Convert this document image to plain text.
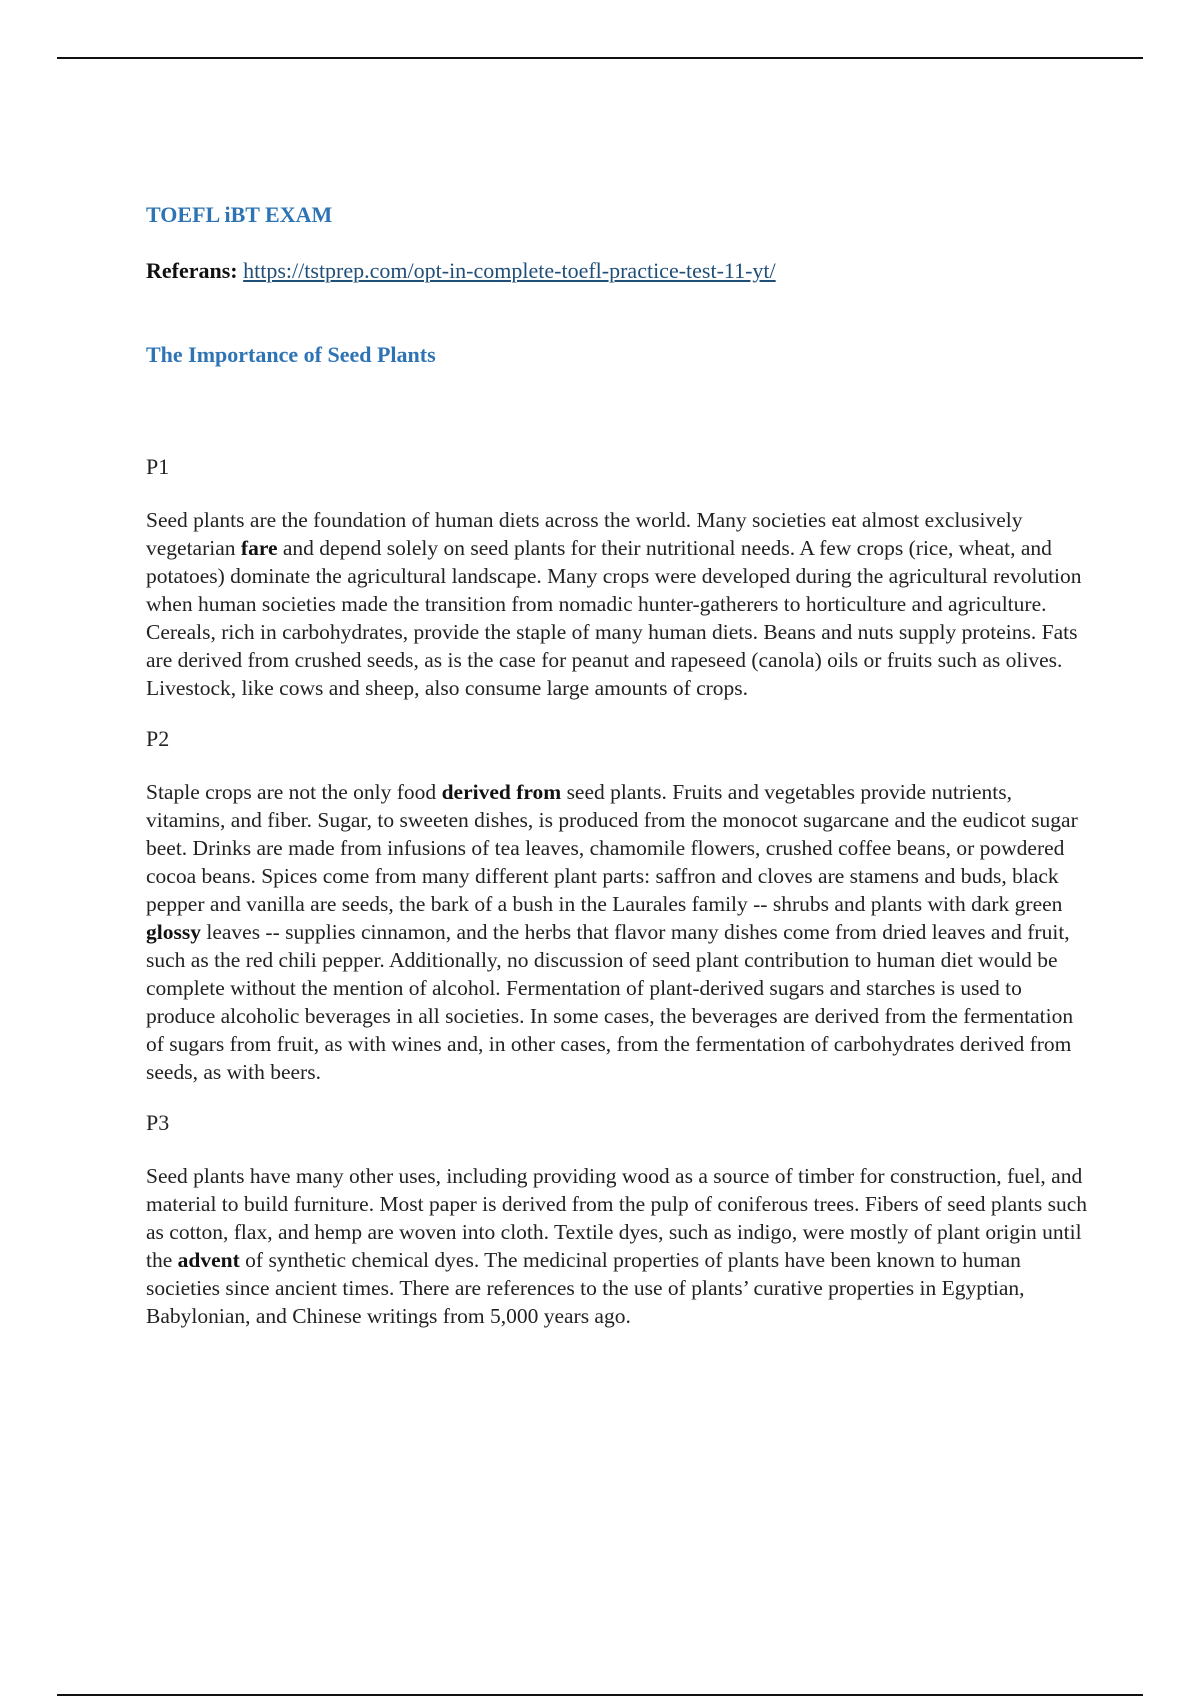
TOEFL iBT EXAM
Referans: https://tstprep.com/opt-in-complete-toefl-practice-test-11-yt/
The Importance of Seed Plants

P1

Seed plants are the foundation of human diets across the world. Many societies eat almost exclusively vegetarian fare and depend solely on seed plants for their nutritional needs. A few crops (rice, wheat, and potatoes) dominate the agricultural landscape. Many crops were developed during the agricultural revolution when human societies made the transition from nomadic hunter-gatherers to horticulture and agriculture. Cereals, rich in carbohydrates, provide the staple of many human diets. Beans and nuts supply proteins. Fats are derived from crushed seeds, as is the case for peanut and rapeseed (canola) oils or fruits such as olives. Livestock, like cows and sheep, also consume large amounts of crops.

P2

Staple crops are not the only food derived from seed plants. Fruits and vegetables provide nutrients, vitamins, and fiber. Sugar, to sweeten dishes, is produced from the monocot sugarcane and the eudicot sugar beet. Drinks are made from infusions of tea leaves, chamomile flowers, crushed coffee beans, or powdered cocoa beans. Spices come from many different plant parts: saffron and cloves are stamens and buds, black pepper and vanilla are seeds, the bark of a bush in the Laurales family -- shrubs and plants with dark green glossy leaves -- supplies cinnamon, and the herbs that flavor many dishes come from dried leaves and fruit, such as the red chili pepper. Additionally, no discussion of seed plant contribution to human diet would be complete without the mention of alcohol. Fermentation of plant-derived sugars and starches is used to produce alcoholic beverages in all societies. In some cases, the beverages are derived from the fermentation of sugars from fruit, as with wines and, in other cases, from the fermentation of carbohydrates derived from seeds, as with beers.

P3

Seed plants have many other uses, including providing wood as a source of timber for construction, fuel, and material to build furniture. Most paper is derived from the pulp of coniferous trees. Fibers of seed plants such as cotton, flax, and hemp are woven into cloth. Textile dyes, such as indigo, were mostly of plant origin until the advent of synthetic chemical dyes. The medicinal properties of plants have been known to human societies since ancient times. There are references to the use of plants’ curative properties in Egyptian, Babylonian, and Chinese writings from 5,000 years ago.
